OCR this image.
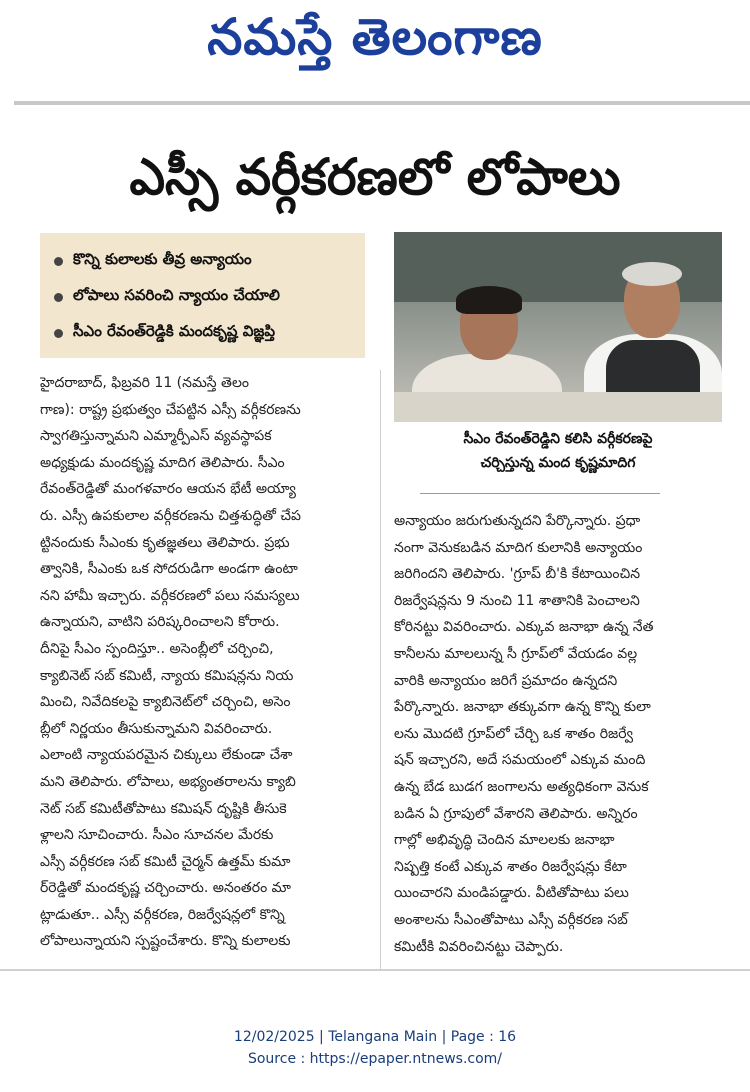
నమస్తే తెలంగాణ
ఎస్సీ వర్గీకరణలో లోపాలు
కొన్ని కులాలకు తీవ్ర అన్యాయం
లోపాలు సవరించి న్యాయం చేయాలి
సీఎం రేవంత్‌రెడ్డికి మందకృష్ణ విజ్ఞప్తి
సీఎం రేవంత్‌రెడ్డిని కలిసి వర్గీకరణపై
చర్చిస్తున్న మంద కృష్ణమాదిగ
హైదరాబాద్, ఫిబ్రవరి 11 (నమస్తే తెలం
గాణ): రాష్ట్ర ప్రభుత్వం చేపట్టిన ఎస్సీ వర్గీకరణను
స్వాగతిస్తున్నామని ఎమ్మార్పీఎస్ వ్యవస్థాపక
అధ్యక్షుడు మందకృష్ణ మాదిగ తెలిపారు. సీఎం
రేవంత్‌రెడ్డితో మంగళవారం ఆయన భేటీ అయ్యా
రు. ఎస్సీ ఉపకులాల వర్గీకరణను చిత్తశుద్ధితో చేప
ట్టినందుకు సీఎంకు కృతజ్ఞతలు తెలిపారు. ప్రభు
త్వానికి, సీఎంకు ఒక సోదరుడిగా అండగా ఉంటా
నని హామీ ఇచ్చారు. వర్గీకరణలో పలు సమస్యలు
ఉన్నాయని, వాటిని పరిష్కరించాలని కోరారు.
దీనిపై సీఎం స్పందిస్తూ.. అసెంబ్లీలో చర్చించి,
క్యాబినెట్ సబ్ కమిటీ, న్యాయ కమిషన్లను నియ
మించి, నివేదికలపై క్యాబినెట్‌లో చర్చించి, అసెం
బ్లీలో నిర్ణయం తీసుకున్నామని వివరించారు.
ఎలాంటి న్యాయపరమైన చిక్కులు లేకుండా చేశా
మని తెలిపారు. లోపాలు, అభ్యంతరాలను క్యాబి
నెట్ సబ్ కమిటీతోపాటు కమిషన్ దృష్టికి తీసుకె
ళ్లాలని సూచించారు. సీఎం సూచనల మేరకు
ఎస్సీ వర్గీకరణ సబ్ కమిటీ చైర్మన్ ఉత్తమ్ కుమా
ర్‌రెడ్డితో మందకృష్ణ చర్చించారు. అనంతరం మా
ట్లాడుతూ.. ఎస్సీ వర్గీకరణ, రిజర్వేషన్లలో కొన్ని
లోపాలున్నాయని స్పష్టంచేశారు. కొన్ని కులాలకు
అన్యాయం జరుగుతున్నదని పేర్కొన్నారు. ప్రధా
నంగా వెనుకబడిన మాదిగ కులానికి అన్యాయం
జరిగిందని తెలిపారు. 'గ్రూప్ బీ'కి కేటాయించిన
రిజర్వేషన్లను 9 నుంచి 11 శాతానికి పెంచాలని
కోరినట్టు వివరించారు. ఎక్కువ జనాభా ఉన్న నేత
కానీలను మాలలున్న సీ గ్రూప్‌లో వేయడం వల్ల
వారికి అన్యాయం జరిగే ప్రమాదం ఉన్నదని
పేర్కొన్నారు. జనాభా తక్కువగా ఉన్న కొన్ని కులా
లను మొదటి గ్రూప్‌లో చేర్చి ఒక శాతం రిజర్వే
షన్ ఇచ్చారని, అదే సమయంలో ఎక్కువ మంది
ఉన్న బేడ బుడగ జంగాలను అత్యధికంగా వెనుక
బడిన ఏ గ్రూపులో వేశారని తెలిపారు. అన్నిరం
గాల్లో అభివృద్ధి చెందిన మాలలకు జనాభా
నిష్పత్తి కంటే ఎక్కువ శాతం రిజర్వేషన్లు కేటా
యించారని మండిపడ్డారు. వీటితోపాటు పలు
అంశాలను సీఎంతోపాటు ఎస్సీ వర్గీకరణ సబ్
కమిటీకి వివరించినట్టు చెప్పారు.
12/02/2025 | Telangana Main | Page : 16
Source : https://epaper.ntnews.com/
